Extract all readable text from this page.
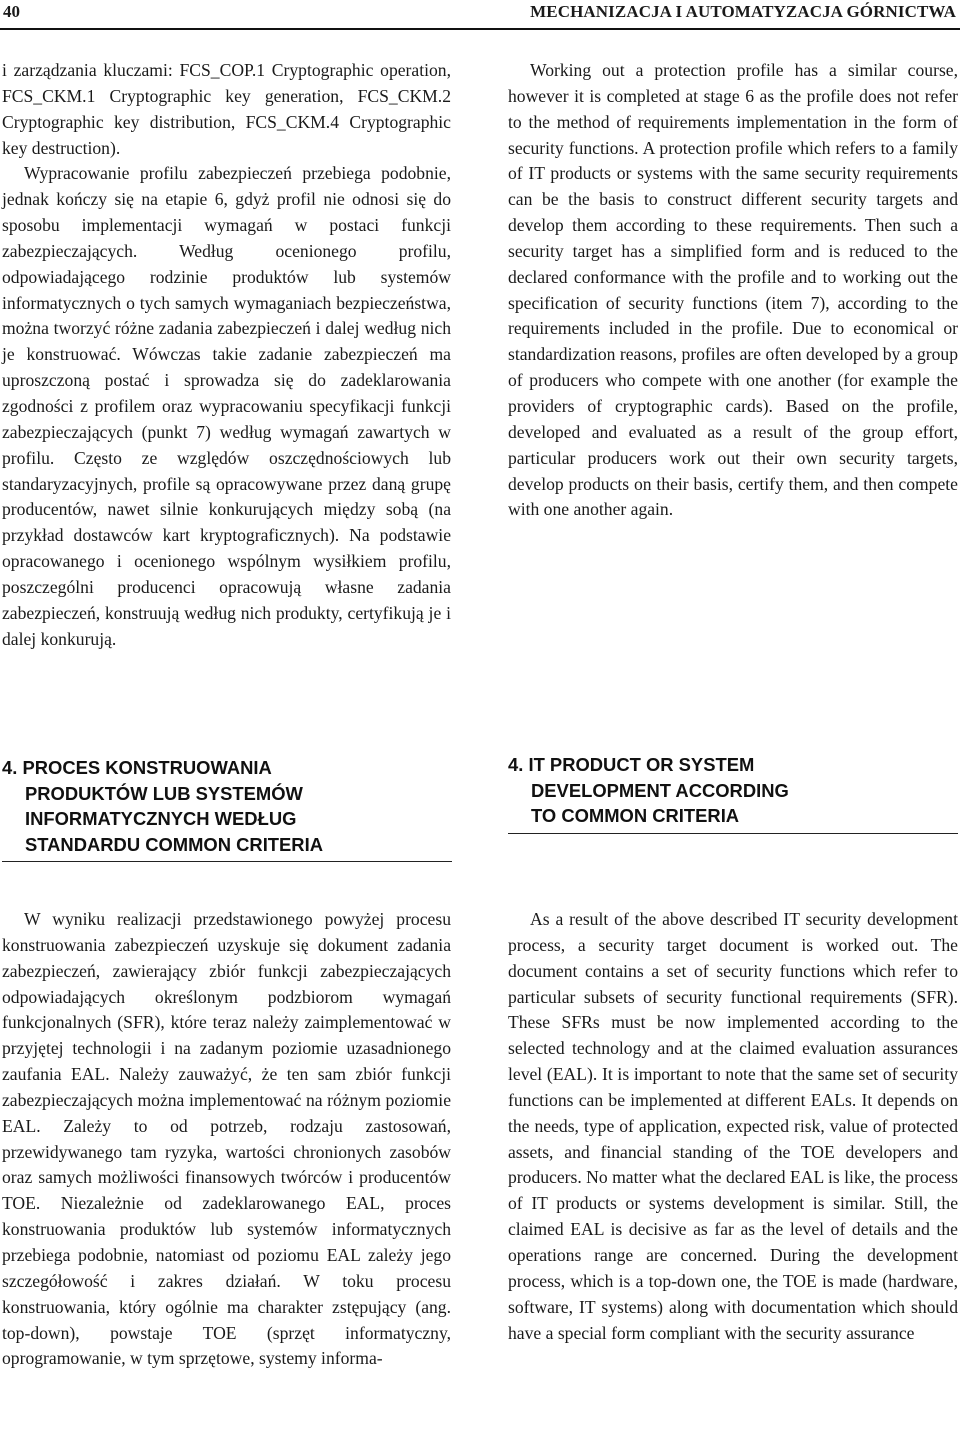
40	MECHANIZACJA I AUTOMATYZACJA GÓRNICTWA

i zarządzania kluczami: FCS_COP.1 Cryptographic operation, FCS_CKM.1 Cryptographic key generation, FCS_CKM.2 Cryptographic key distribution, FCS_CKM.4 Cryptographic key destruction).

Wypracowanie profilu zabezpieczeń przebiega podobnie, jednak kończy się na etapie 6, gdyż profil nie odnosi się do sposobu implementacji wymagań w postaci funkcji zabezpieczających. Według ocenionego profilu, odpowiadającego rodzinie produktów lub systemów informatycznych o tych samych wymaganiach bezpieczeństwa, można tworzyć różne zadania zabezpieczeń i dalej według nich je konstruować. Wówczas takie zadanie zabezpieczeń ma uproszczoną postać i sprowadza się do zadeklarowania zgodności z profilem oraz wypracowaniu specyfikacji funkcji zabezpieczających (punkt 7) według wymagań zawartych w profilu. Często ze względów oszczędnościowych lub standaryzacyjnych, profile są opracowywane przez daną grupę producentów, nawet silnie konkurujących między sobą (na przykład dostawców kart kryptograficznych). Na podstawie opracowanego i ocenionego wspólnym wysiłkiem profilu, poszczególni producenci opracowują własne zadania zabezpieczeń, konstruują według nich produkty, certyfikują je i dalej konkurują.

Working out a protection profile has a similar course, however it is completed at stage 6 as the profile does not refer to the method of requirements implementation in the form of security functions. A protection profile which refers to a family of IT products or systems with the same security requirements can be the basis to construct different security targets and develop them according to these requirements. Then such a security target has a simplified form and is reduced to the declared conformance with the profile and to working out the specification of security functions (item 7), according to the requirements included in the profile. Due to economical or standardization reasons, profiles are often developed by a group of producers who compete with one another (for example the providers of cryptographic cards). Based on the profile, developed and evaluated as a result of the group effort, particular producers work out their own security targets, develop products on their basis, certify them, and then compete with one another again.

4. PROCES KONSTRUOWANIA
PRODUKTÓW LUB SYSTEMÓW
INFORMATYCZNYCH WEDŁUG
STANDARDU COMMON CRITERIA
4. IT PRODUCT OR SYSTEM
DEVELOPMENT ACCORDING
TO COMMON CRITERIA

W wyniku realizacji przedstawionego powyżej procesu konstruowania zabezpieczeń uzyskuje się dokument zadania zabezpieczeń, zawierający zbiór funkcji zabezpieczających odpowiadających określonym podzbiorom wymagań funkcjonalnych (SFR), które teraz należy zaimplementować w przyjętej technologii i na zadanym poziomie uzasadnionego zaufania EAL. Należy zauważyć, że ten sam zbiór funkcji zabezpieczających można implementować na różnym poziomie EAL. Zależy to od potrzeb, rodzaju zastosowań, przewidywanego tam ryzyka, wartości chronionych zasobów oraz samych możliwości finansowych twórców i producentów TOE. Niezależnie od zadeklarowanego EAL, proces konstruowania produktów lub systemów informatycznych przebiega podobnie, natomiast od poziomu EAL zależy jego szczegółowość i zakres działań. W toku procesu konstruowania, który ogólnie ma charakter zstępujący (ang. top-down), powstaje TOE (sprzęt informatyczny, oprogramowanie, w tym sprzętowe, systemy informa-

As a result of the above described IT security development process, a security target document is worked out. The document contains a set of security functions which refer to particular subsets of security functional requirements (SFR). These SFRs must be now implemented according to the selected technology and at the claimed evaluation assurances level (EAL). It is important to note that the same set of security functions can be implemented at different EALs. It depends on the needs, type of application, expected risk, value of protected assets, and financial standing of the TOE developers and producers. No matter what the declared EAL is like, the process of IT products or systems development is similar. Still, the claimed EAL is decisive as far as the level of details and the operations range are concerned. During the development process, which is a top-down one, the TOE is made (hardware, software, IT systems) along with documentation which should have a special form compliant with the security assurance
